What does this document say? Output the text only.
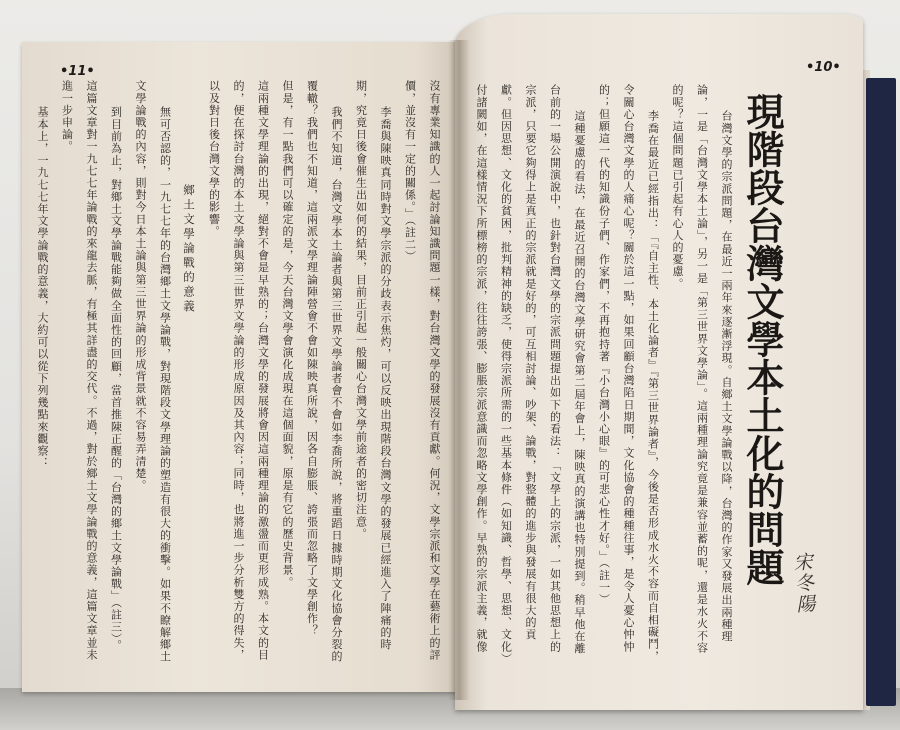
•11•	•10•
現階段台灣文學本土化的問題 宋冬陽

台灣文學的宗派問題，在最近一兩年來逐漸浮現。自鄉土文學論戰以降，台灣的作家又發展出兩種理論，一是「台灣文學本土論」，另一是「第三世界文學論」。這兩種理論究竟是兼容並蓄的呢，還是水火不容的呢？這個問題已引起有心人的憂慮。

李喬在最近已經指出：「『自主性、本土化論者』『第三世界論者』，今後是否形成水火不容而自相礙鬥，令關心台灣文學的人痛心呢？關於這一點，如果回顧台灣陷日期間，文化協會的種種往事，是令人憂心忡忡的；但願這一代的知識份子們、作家們，不再抱持著『小台灣小心眼』的可悲心性才好。」（註一）

這種憂慮的看法，在最近召開的台灣文學研究會第二屆年會上，陳映真的演講也特別提到。稍早他在離台前的一場公開演說中，也針對台灣文學的宗派問題提出如下的看法：「文學上的宗派，一如其他思想上的宗派，只要它夠得上是真正的宗派就是好的，可互相討論、吵架、論戰，對整體的進步與發展有很大的貢獻。但因思想、文化的貧困，批判精神的缺乏，使得宗派所需的一些基本條件（如知識、哲學、思想、文化）付諸闕如，在這樣情況下所標榜的宗派，往往誇張、膨脹宗派意識而忽略文學創作。早熟的宗派主義，就像

沒有專業知識的人一起討論知識問題一樣，對台灣文學的發展沒有貢獻。何況，文學宗派和文學在藝術上的評價，並沒有一定的關係。」（註二）

李喬與陳映真同時對文學宗派的分歧表示焦灼，可以反映出現階段台灣文學的發展已經進入了陣痛的時期，究竟日後會催生出如何的結果，目前正引起一般關心台灣文學前途者的密切注意。

我們不知道，台灣文學本土論者與第三世界文學論者會不會如李喬所說，將重蹈日據時期文化協會分裂的覆轍？我們也不知道，這兩派文學理論陣營會不會如陳映真所說，因各自膨脹、誇張而忽略了文學創作？

但是，有一點我們可以確定的是，今天台灣文學會演化成現在這個面貌，原是有它的歷史背景。

這兩種文學理論的出現，絕對不會是早熟的；台灣文學的發展將會因這兩種理論的激盪而更形成熟。本文的目的，便在探討台灣的本土文學論與第三世界文學論的形成原因及其內容；同時，也將進一步分析雙方的得失，以及對日後台灣文學的影響。

鄉土文學論戰的意義

無可否認的，一九七七年的台灣鄉土文學論戰，對現階段文學理論的塑造有很大的衝擊。如果不瞭解鄉土文學論戰的內容，則對今日本土論與第三世界論的形成背景就不容易弄清楚。

到目前為止，對鄉土文學論戰能夠做全面性的回顧，當首推陳正醒的「台灣的鄉土文學論戰」（註三）。這篇文章對一九七七年論戰的來龍去脈，有極其詳盡的交代。不過，對於鄉土文學論戰的意義，這篇文章並未進一步申論。

基本上，一九七七年文學論戰的意義，大約可以從下列幾點來觀察：
